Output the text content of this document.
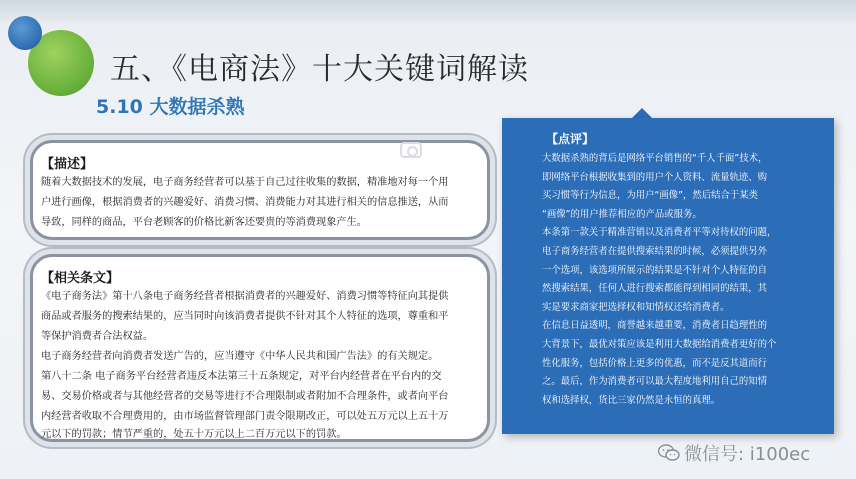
五、《电商法》十大关键词解读
5.10 大数据杀熟
【描述】
随着大数据技术的发展，电子商务经营者可以基于自己过往收集的数据，精准地对每一个用
户进行画像，根据消费者的兴趣爱好、消费习惯、消费能力对其进行相关的信息推送，从而
导致，同样的商品，平台老顾客的价格比新客还要贵的等消费现象产生。
【相关条文】
《电子商务法》第十八条电子商务经营者根据消费者的兴趣爱好、消费习惯等特征向其提供
商品或者服务的搜索结果的，应当同时向该消费者提供不针对其个人特征的选项，尊重和平
等保护消费者合法权益。
电子商务经营者向消费者发送广告的，应当遵守《中华人民共和国广告法》的有关规定。
第八十二条 电子商务平台经营者违反本法第三十五条规定，对平台内经营者在平台内的交
易、交易价格或者与其他经营者的交易等进行不合理限制或者附加不合理条件，或者向平台
内经营者收取不合理费用的，由市场监督管理部门责令限期改正，可以处五万元以上五十万
元以下的罚款；情节严重的，处五十万元以上二百万元以下的罚款。
【点评】
大数据杀熟的背后是网络平台销售的“千人千面”技术，
即网络平台根据收集到的用户个人资料、流量轨迹、购
买习惯等行为信息，为用户“画像”，然后结合于某类
“画像”的用户推荐相应的产品或服务。
本条第一款关于精准营销以及消费者平等对待权的问题，
电子商务经营者在提供搜索结果的时候，必须提供另外
一个选项，该选项所展示的结果是不针对个人特征的自
然搜索结果，任何人进行搜索都能得到相同的结果，其
实是要求商家把选择权和知情权还给消费者。
在信息日益透明，商誉越来越重要，消费者日趋理性的
大背景下，最优对策应该是利用大数据给消费者更好的个
性化服务，包括价格上更多的优惠，而不是反其道而行
之。最后，作为消费者可以最大程度地利用自己的知情
权和选择权，货比三家仍然是永恒的真理。
微信号: i100ec
